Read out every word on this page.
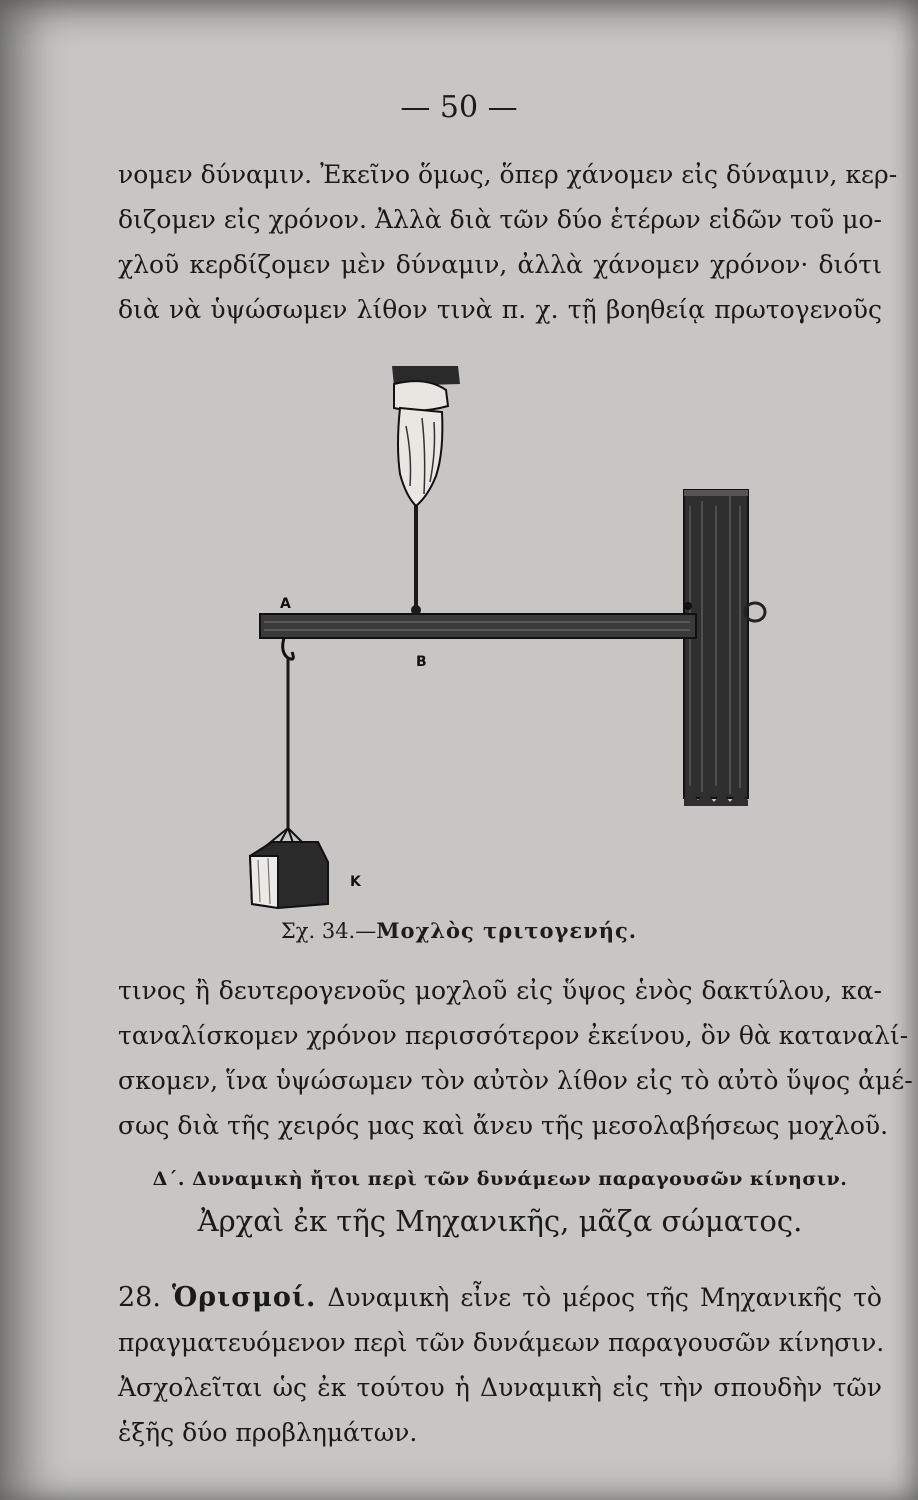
— 50 —
νομεν δύναμιν. Ἐκεῖνο ὅμως, ὅπερ χάνομεν εἰς δύναμιν, κερ-
διζομεν εἰς χρόνον. Ἀλλὰ διὰ τῶν δύο ἑτέρων εἰδῶν τοῦ μο-
χλοῦ κερδίζομεν μὲν δύναμιν, ἀλλὰ χάνομεν χρόνον· διότι
διὰ νὰ ὑψώσωμεν λίθον τινὰ π. χ. τῇ βοηθείᾳ πρωτογενοῦς
A
B
K
Σχ. 34.—Μοχλὸς τριτογενής.
τινος ἢ δευτερογενοῦς μοχλοῦ εἰς ὕψος ἑνὸς δακτύλου, κα-
ταναλίσκομεν χρόνον περισσότερον ἐκείνου, ὃν θὰ καταναλί-
σκομεν, ἵνα ὑψώσωμεν τὸν αὐτὸν λίθον εἰς τὸ αὐτὸ ὕψος ἀμέ-
σως διὰ τῆς χειρός μας καὶ ἄνευ τῆς μεσολαβήσεως μοχλοῦ.
Δ΄. Δυναμικὴ ἤτοι περὶ τῶν δυνάμεων παραγουσῶν κίνησιν.
Ἀρχαὶ ἐκ τῆς Μηχανικῆς, μᾶζα σώματος.
28. Ὁρισμοί. Δυναμικὴ εἶνε τὸ μέρος τῆς Μηχανικῆς τὸ
πραγματευόμενον περὶ τῶν δυνάμεων παραγουσῶν κίνησιν.
Ἀσχολεῖται ὡς ἐκ τούτου ἡ Δυναμικὴ εἰς τὴν σπουδὴν τῶν
ἑξῆς δύο προβλημάτων.
